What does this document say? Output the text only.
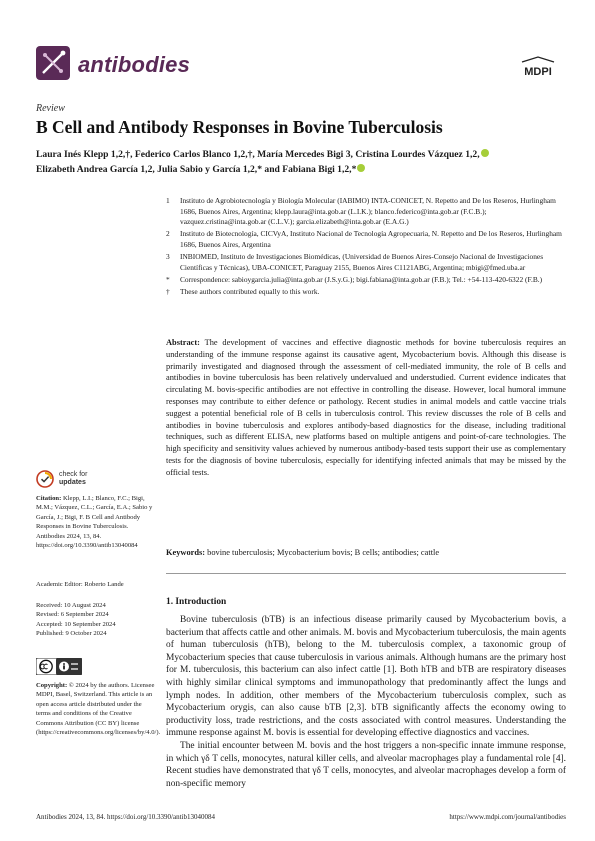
antibodies	MDPI
Review
B Cell and Antibody Responses in Bovine Tuberculosis
Laura Inés Klepp 1,2,†, Federico Carlos Blanco 1,2,†, María Mercedes Bigi 3, Cristina Lourdes Vázquez 1,2,
Elizabeth Andrea García 1,2, Julia Sabio y García 1,2,* and Fabiana Bigi 1,2,*
1	Instituto de Agrobiotecnología y Biología Molecular (IABIMO) INTA-CONICET, N. Repetto and De los Reseros, Hurlingham 1686, Buenos Aires, Argentina; klepp.laura@inta.gob.ar (L.I.K.); blanco.federico@inta.gob.ar (F.C.B.); vazquez.cristina@inta.gob.ar (C.L.V.); garcia.elizabeth@inta.gob.ar (E.A.G.)
2	Instituto de Biotecnología, CICVyA, Instituto Nacional de Tecnología Agropecuaria, N. Repetto and De los Reseros, Hurlingham 1686, Buenos Aires, Argentina
3	INBIOMED, Instituto de Investigaciones Biomédicas, (Universidad de Buenos Aires-Consejo Nacional de Investigaciones Científicas y Técnicas), UBA-CONICET, Paraguay 2155, Buenos Aires C1121ABG, Argentina; mbigi@fmed.uba.ar
*	Correspondence: sabioygarcia.julia@inta.gob.ar (J.S.y.G.); bigi.fabiana@inta.gob.ar (F.B.); Tel.: +54-113-420-6322 (F.B.)
†	These authors contributed equally to this work.
Abstract: The development of vaccines and effective diagnostic methods for bovine tuberculosis requires an understanding of the immune response against its causative agent, Mycobacterium bovis. Although this disease is primarily investigated and diagnosed through the assessment of cell-mediated immunity, the role of B cells and antibodies in bovine tuberculosis has been relatively undervalued and understudied. Current evidence indicates that circulating M. bovis-specific antibodies are not effective in controlling the disease. However, local humoral immune responses may contribute to either defence or pathology. Recent studies in animal models and cattle vaccine trials suggest a potential beneficial role of B cells in tuberculosis control. This review discusses the role of B cells and antibodies in bovine tuberculosis and explores antibody-based diagnostics for the disease, including traditional techniques, such as different ELISA, new platforms based on multiple antigens and point-of-care technologies. The high specificity and sensitivity values achieved by numerous antibody-based tests support their use as complementary tests for the diagnosis of bovine tuberculosis, especially for identifying infected animals that may be missed by the official tests.
Keywords: bovine tuberculosis; Mycobacterium bovis; B cells; antibodies; cattle
check for
updates
Citation: Klepp, L.I.; Blanco, F.C.; Bigi, M.M.; Vázquez, C.L.; García, E.A.; Sabio y García, J.; Bigi, F. B Cell and Antibody Responses in Bovine Tuberculosis. Antibodies 2024, 13, 84. https://doi.org/10.3390/antib13040084
Academic Editor: Roberto Lande
Received: 10 August 2024
Revised: 6 September 2024
Accepted: 10 September 2024
Published: 9 October 2024
Copyright: © 2024 by the authors. Licensee MDPI, Basel, Switzerland. This article is an open access article distributed under the terms and conditions of the Creative Commons Attribution (CC BY) license (https://creativecommons.org/licenses/by/4.0/).
1. Introduction

Bovine tuberculosis (bTB) is an infectious disease primarily caused by Mycobacterium bovis, a bacterium that affects cattle and other animals. M. bovis and Mycobacterium tuberculosis, the main agents of human tuberculosis (hTB), belong to the M. tuberculosis complex, a taxonomic group of Mycobacterium species that cause tuberculosis in various animals. Although humans are the primary host for M. tuberculosis, this bacterium can also infect cattle [1]. Both hTB and bTB are respiratory diseases with highly similar clinical symptoms and immunopathology that predominantly affect the lungs and lymph nodes. In addition, other members of the Mycobacterium tuberculosis complex, such as Mycobacterium orygis, can also cause bTB [2,3]. bTB significantly affects the economy owing to productivity loss, trade restrictions, and the costs associated with control measures. Understanding the immune response against M. bovis is essential for developing effective diagnostics and vaccines.

The initial encounter between M. bovis and the host triggers a non-specific innate immune response, in which γδ T cells, monocytes, natural killer cells, and alveolar macrophages play a fundamental role [4]. Recent studies have demonstrated that γδ T cells, monocytes, and alveolar macrophages develop a form of non-specific memory

Antibodies 2024, 13, 84. https://doi.org/10.3390/antib13040084	https://www.mdpi.com/journal/antibodies
